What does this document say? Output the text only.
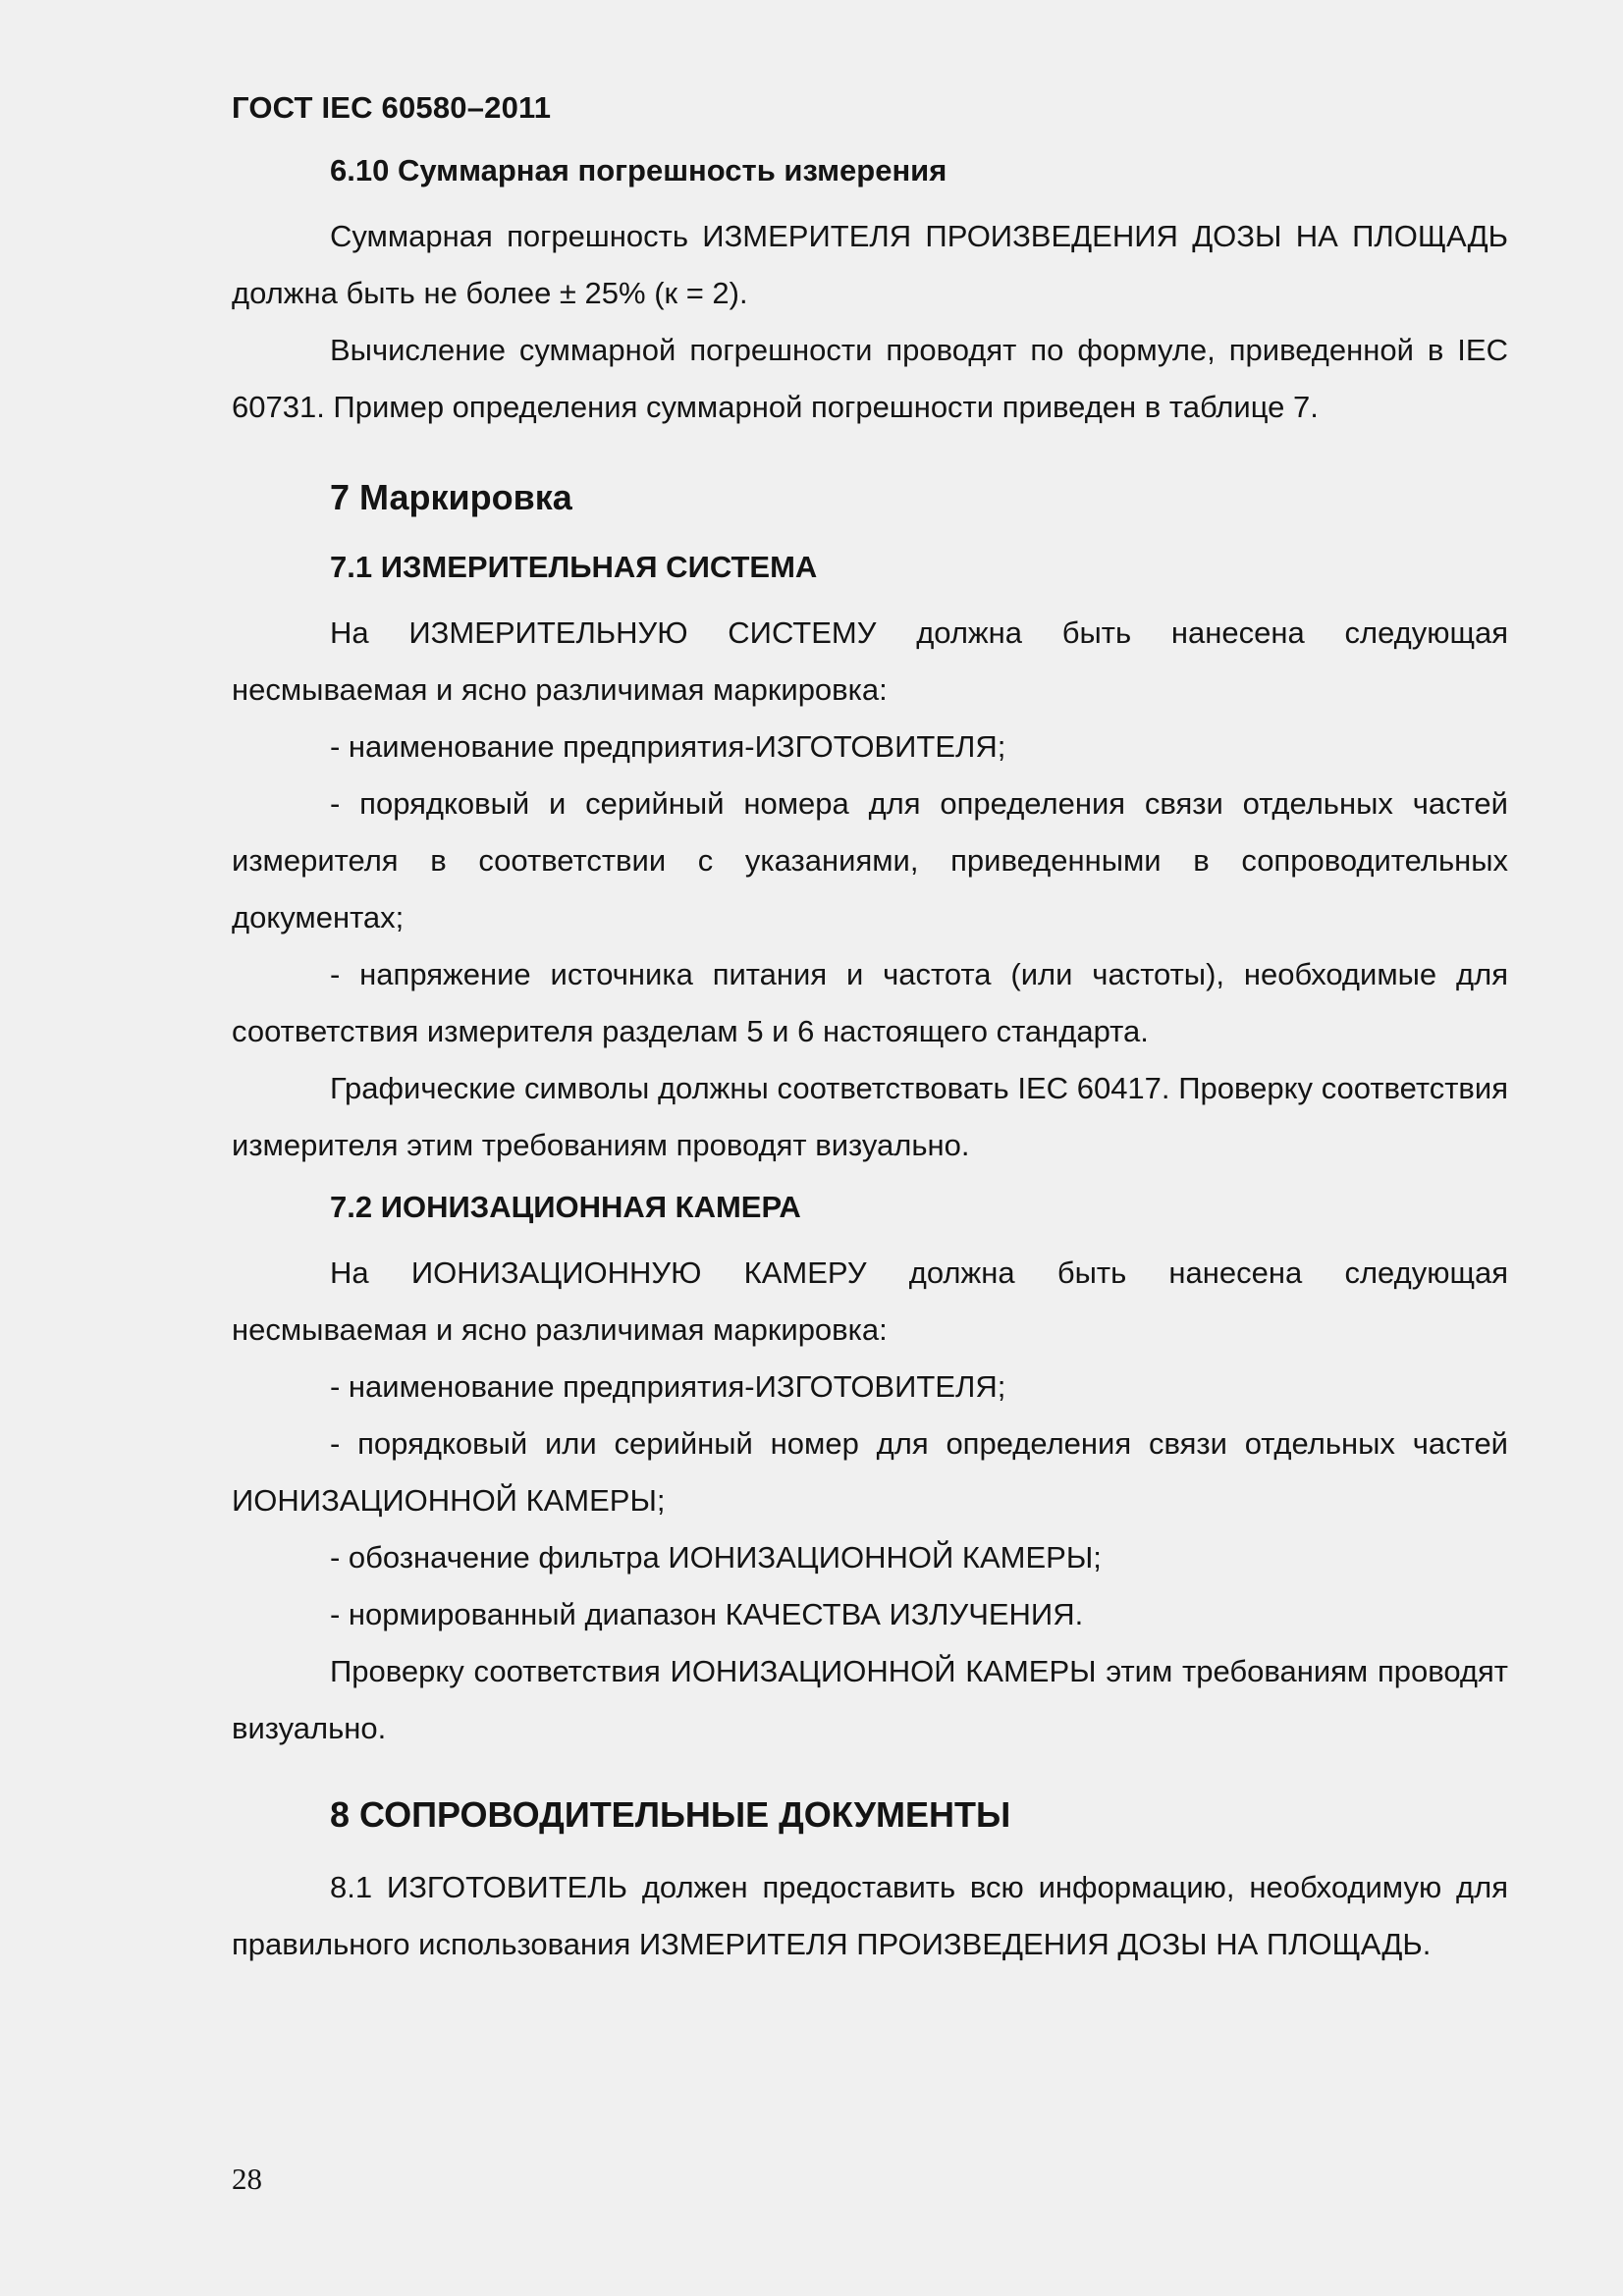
ГОСТ IEC 60580–2011

6.10 Суммарная погрешность измерения

Суммарная погрешность ИЗМЕРИТЕЛЯ ПРОИЗВЕДЕНИЯ ДОЗЫ НА ПЛОЩАДЬ должна быть не более ± 25% (к = 2).

Вычисление суммарной погрешности проводят по формуле, приведенной в IEC 60731. Пример определения суммарной погрешности приведен в таблице 7.

7 Маркировка

7.1 ИЗМЕРИТЕЛЬНАЯ СИСТЕМА

На ИЗМЕРИТЕЛЬНУЮ СИСТЕМУ должна быть нанесена следующая несмываемая и ясно различимая маркировка:

- наименование предприятия-ИЗГОТОВИТЕЛЯ;

- порядковый и серийный номера для определения связи отдельных частей измерителя в соответствии с указаниями, приведенными в сопроводительных документах;

- напряжение источника питания и частота (или частоты), необходимые для соответствия измерителя разделам 5 и 6 настоящего стандарта.

Графические символы должны соответствовать IEC 60417. Проверку соответствия измерителя этим требованиям проводят визуально.

7.2 ИОНИЗАЦИОННАЯ КАМЕРА

На ИОНИЗАЦИОННУЮ КАМЕРУ должна быть нанесена следующая несмываемая и ясно различимая маркировка:

- наименование предприятия-ИЗГОТОВИТЕЛЯ;

- порядковый или серийный номер для определения связи отдельных частей ИОНИЗАЦИОННОЙ КАМЕРЫ;

- обозначение фильтра ИОНИЗАЦИОННОЙ КАМЕРЫ;

- нормированный диапазон КАЧЕСТВА ИЗЛУЧЕНИЯ.

Проверку соответствия ИОНИЗАЦИОННОЙ КАМЕРЫ этим требованиям проводят визуально.

8 СОПРОВОДИТЕЛЬНЫЕ ДОКУМЕНТЫ

8.1 ИЗГОТОВИТЕЛЬ должен предоставить всю информацию, необходимую для правильного использования ИЗМЕРИТЕЛЯ ПРОИЗВЕДЕНИЯ ДОЗЫ НА ПЛОЩАДЬ.

28
